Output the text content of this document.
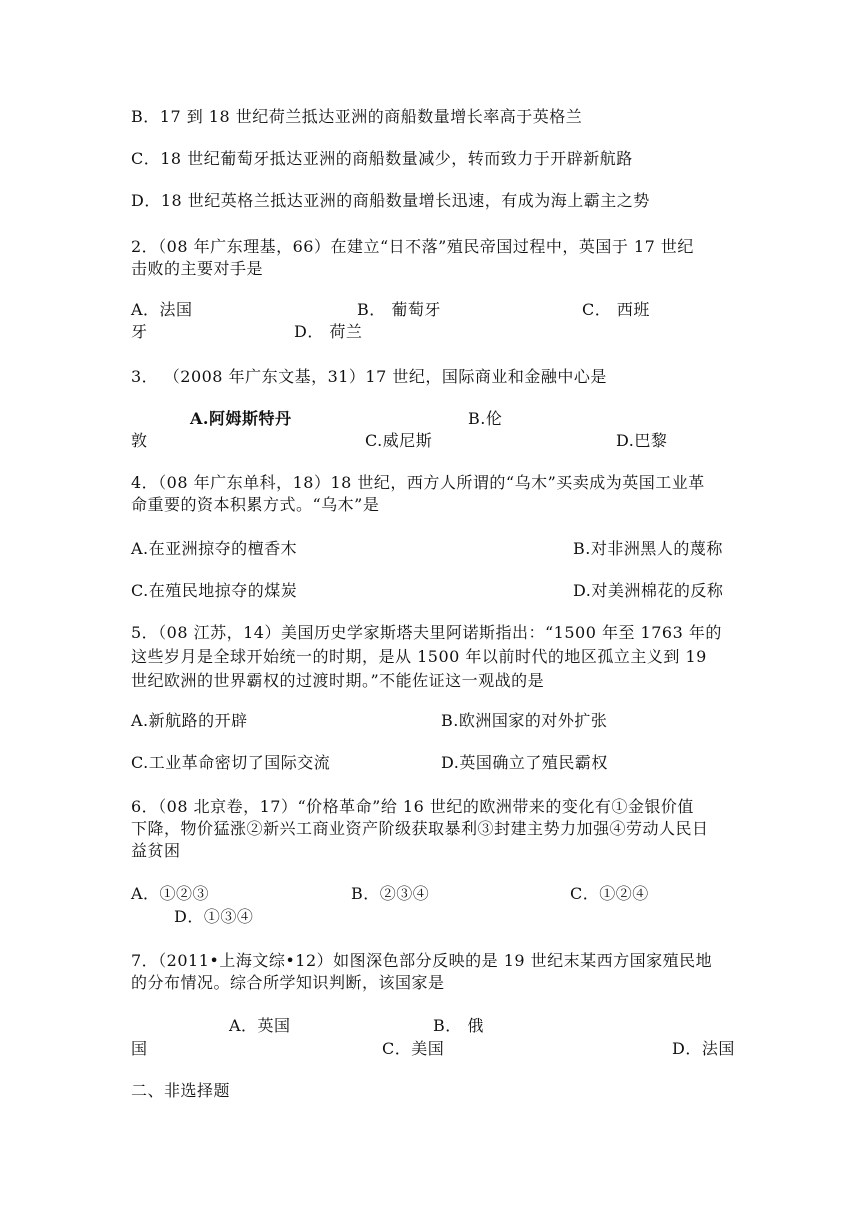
B．17 到 18 世纪荷兰抵达亚洲的商船数量增长率高于英格兰
C．18 世纪葡萄牙抵达亚洲的商船数量减少，转而致力于开辟新航路
D．18 世纪英格兰抵达亚洲的商船数量增长迅速，有成为海上霸主之势
2．（08 年广东理基，66）在建立“日不落”殖民帝国过程中，英国于 17 世纪
击败的主要对手是
A．法国	B． 葡萄牙	C． 西班
牙	D． 荷兰
3． （2008 年广东文基，31）17 世纪，国际商业和金融中心是
A.阿姆斯特丹	B.伦
敦	C.威尼斯	D.巴黎
4．（08 年广东单科，18）18 世纪，西方人所谓的“乌木”买卖成为英国工业革
命重要的资本积累方式。“乌木”是
A.在亚洲掠夺的檀香木	B.对非洲黑人的蔑称
C.在殖民地掠夺的煤炭	D.对美洲棉花的反称
5．（08 江苏，14）美国历史学家斯塔夫里阿诺斯指出：“1500 年至 1763 年的
这些岁月是全球开始统一的时期，是从 1500 年以前时代的地区孤立主义到 19
世纪欧洲的世界霸权的过渡时期。”不能佐证这一观战的是
A.新航路的开辟	B.欧洲国家的对外扩张
C.工业革命密切了国际交流	D.英国确立了殖民霸权
6．（08 北京卷，17）“价格革命”给 16 世纪的欧洲带来的变化有①金银价值
下降，物价猛涨②新兴工商业资产阶级获取暴利③封建主势力加强④劳动人民日
益贫困
A．①②③	B．②③④	C．①②④
D．①③④
7．（2011•上海文综•12）如图深色部分反映的是 19 世纪末某西方国家殖民地
的分布情况。综合所学知识判断，该国家是
A．英国	B． 俄
国	C．美国	D．法国
二、非选择题
